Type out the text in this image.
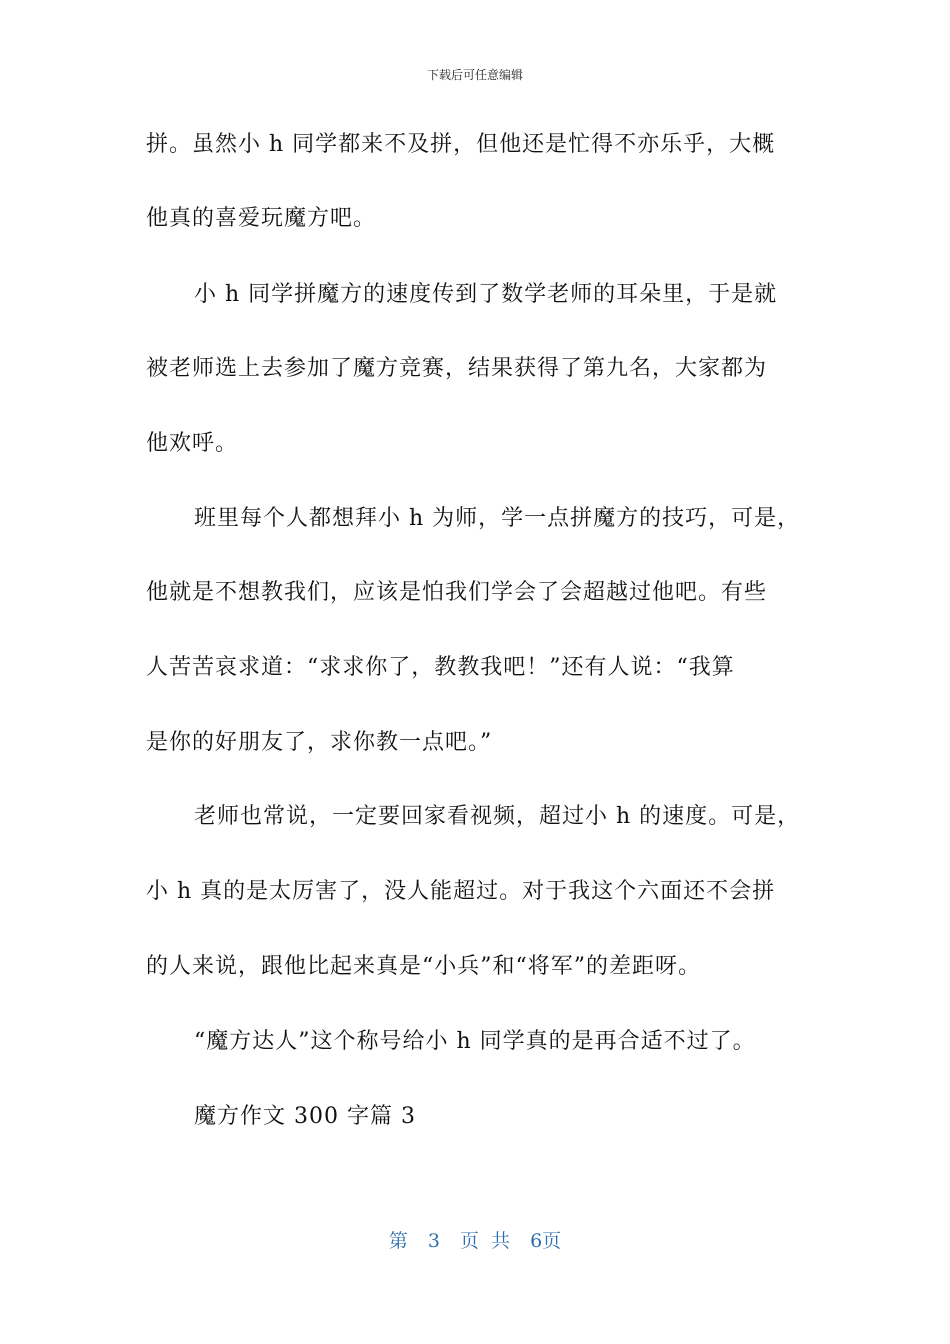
下载后可任意编辑
拼。虽然小 h 同学都来不及拼，但他还是忙得不亦乐乎，大概
他真的喜爱玩魔方吧。
小 h 同学拼魔方的速度传到了数学老师的耳朵里，于是就
被老师选上去参加了魔方竞赛，结果获得了第九名，大家都为
他欢呼。
班里每个人都想拜小 h 为师，学一点拼魔方的技巧，可是，
他就是不想教我们，应该是怕我们学会了会超越过他吧。有些
人苦苦哀求道：“求求你了，教教我吧！”还有人说：“我算
是你的好朋友了，求你教一点吧。”
老师也常说，一定要回家看视频，超过小 h 的速度。可是，
小 h 真的是太厉害了，没人能超过。对于我这个六面还不会拼
的人来说，跟他比起来真是“小兵”和“将军”的差距呀。
“魔方达人”这个称号给小 h 同学真的是再合适不过了。
魔方作文 300 字篇 3
第 3 页 共 6页
